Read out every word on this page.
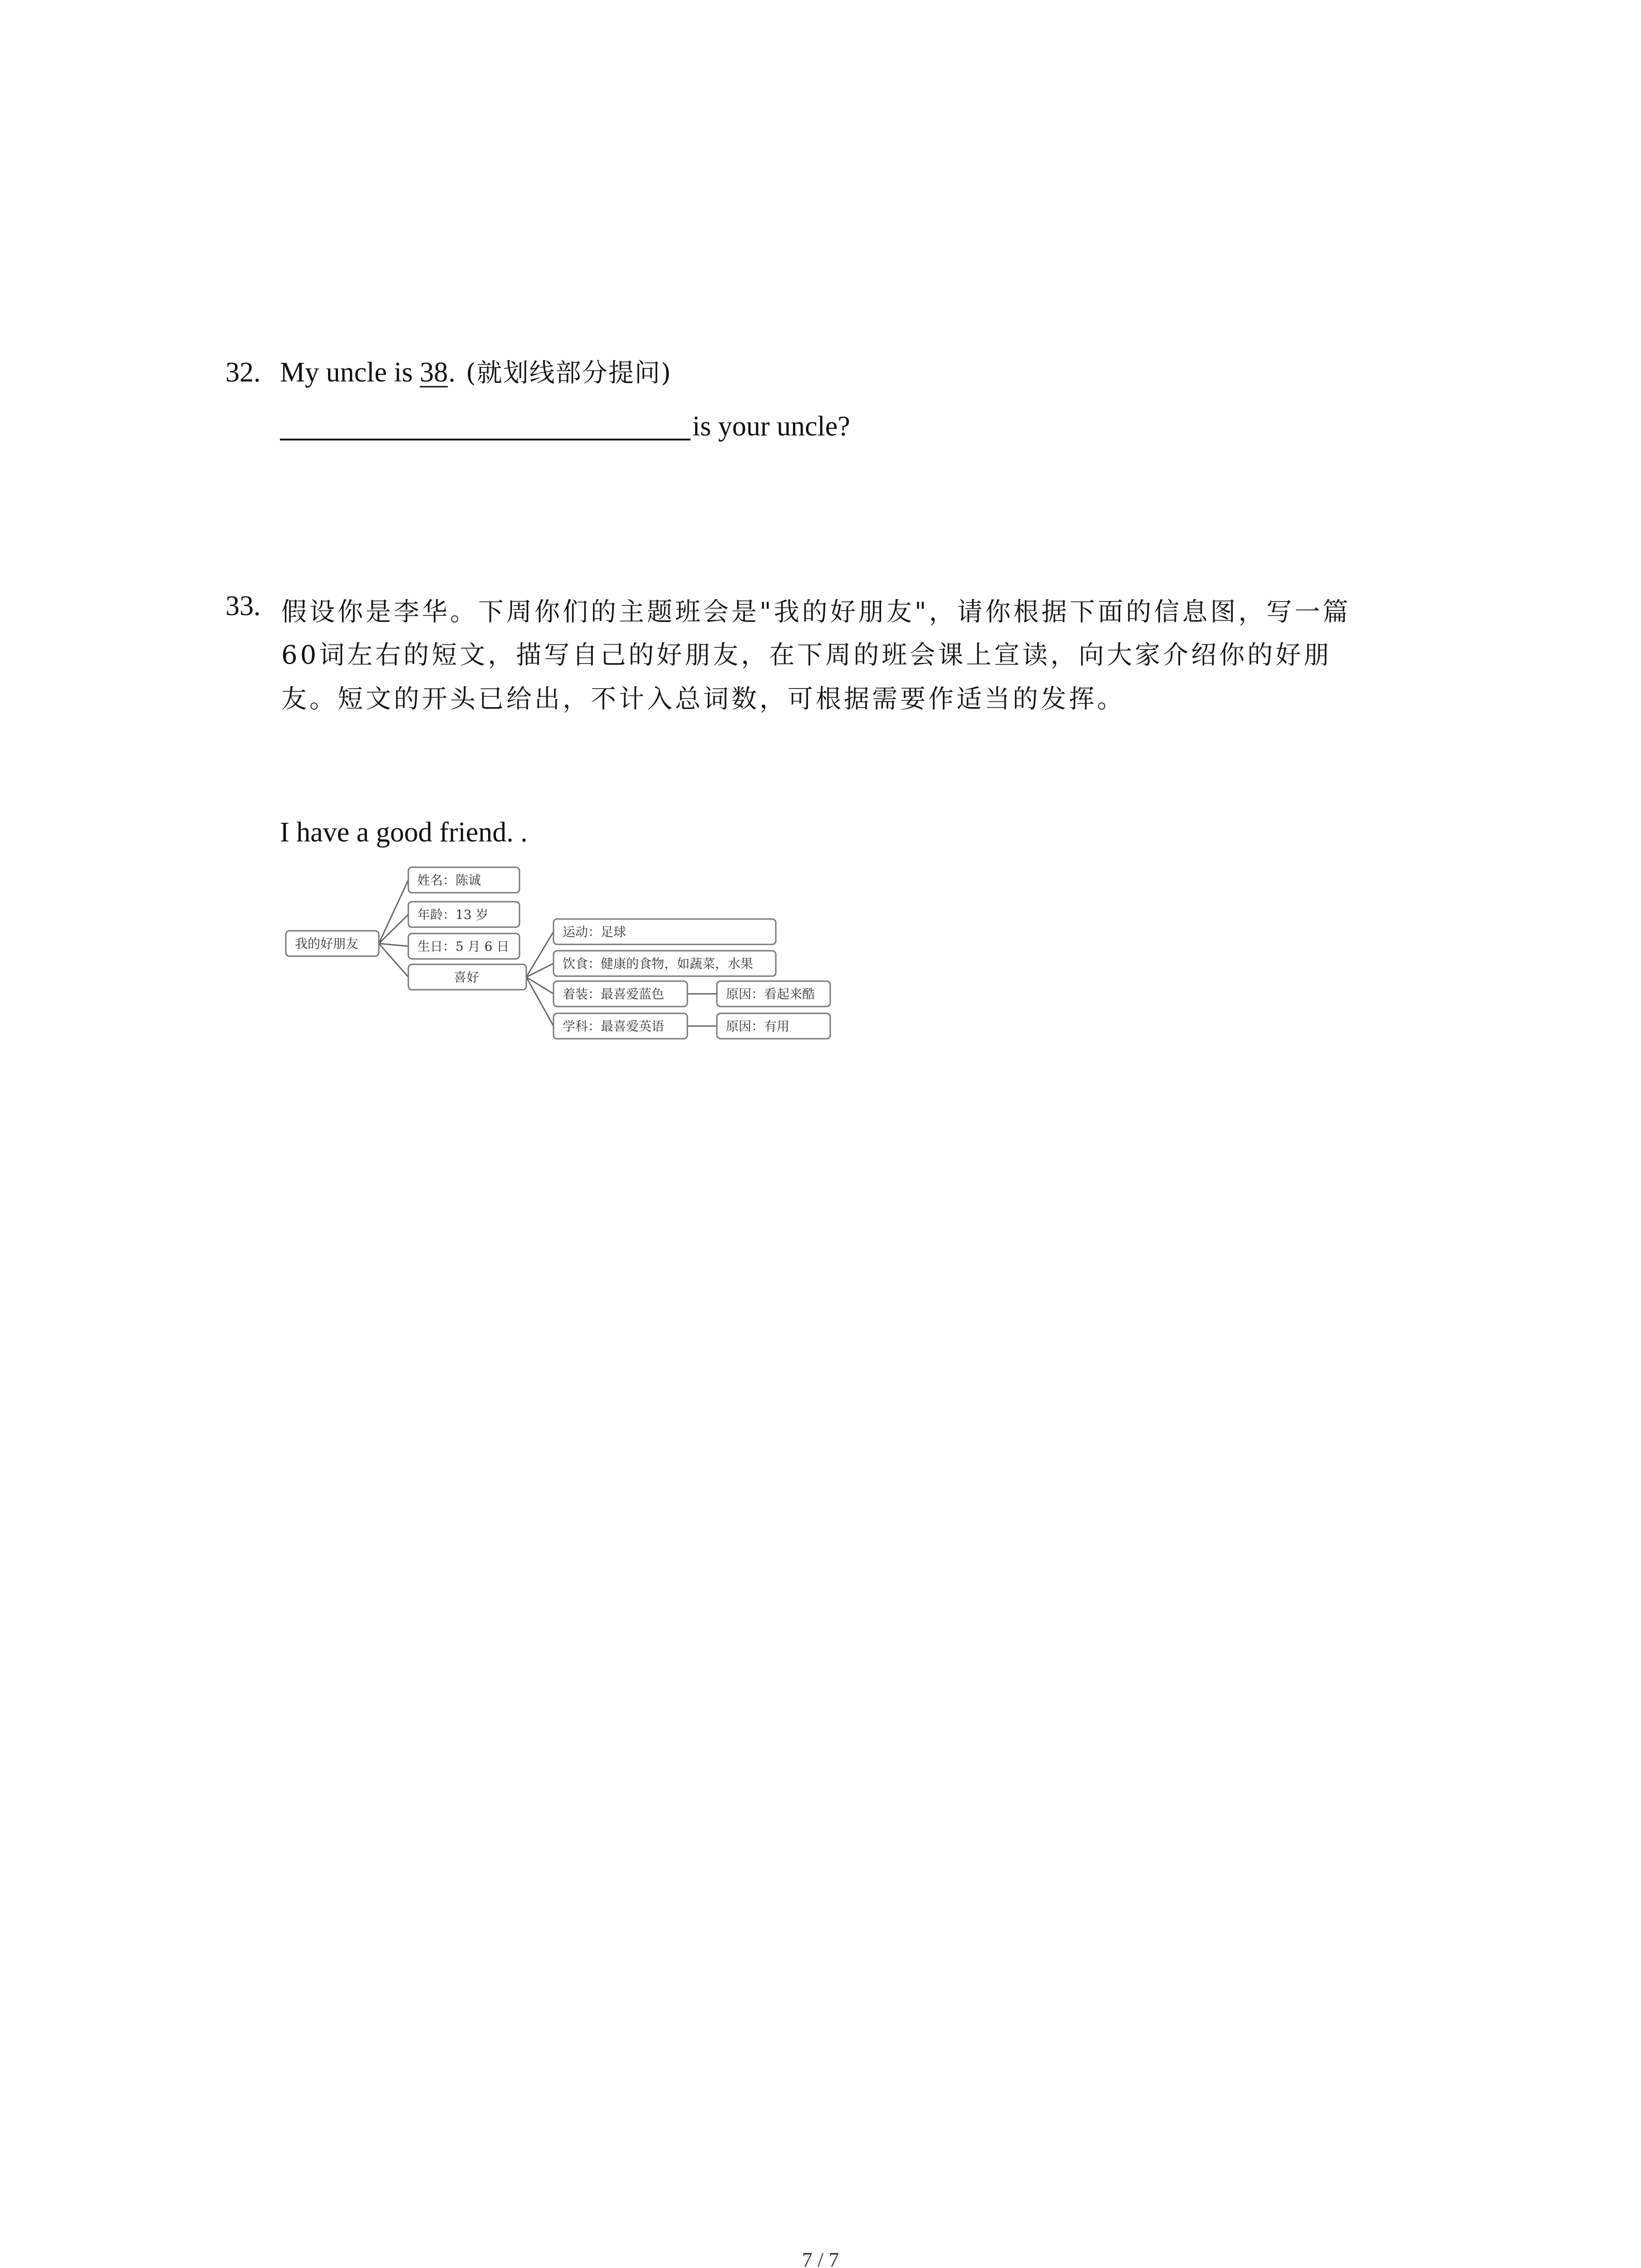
32. My uncle is 38. (就划线部分提问)
is your uncle?
33. 假设你是李华。下周你们的主题班会是"我的好朋友"，请你根据下面的信息图，写一篇
60词左右的短文，描写自己的好朋友，在下周的班会课上宣读，向大家介绍你的好朋
友。短文的开头已给出，不计入总词数，可根据需要作适当的发挥。
I have a good friend. .
我的好朋友
姓名：陈诚
年龄：13 岁
生日：5 月 6 日
喜好
运动：足球
饮食：健康的食物，如蔬菜，水果
着装：最喜爱蓝色	原因：看起来酷
学科：最喜爱英语	原因：有用
7 / 7
